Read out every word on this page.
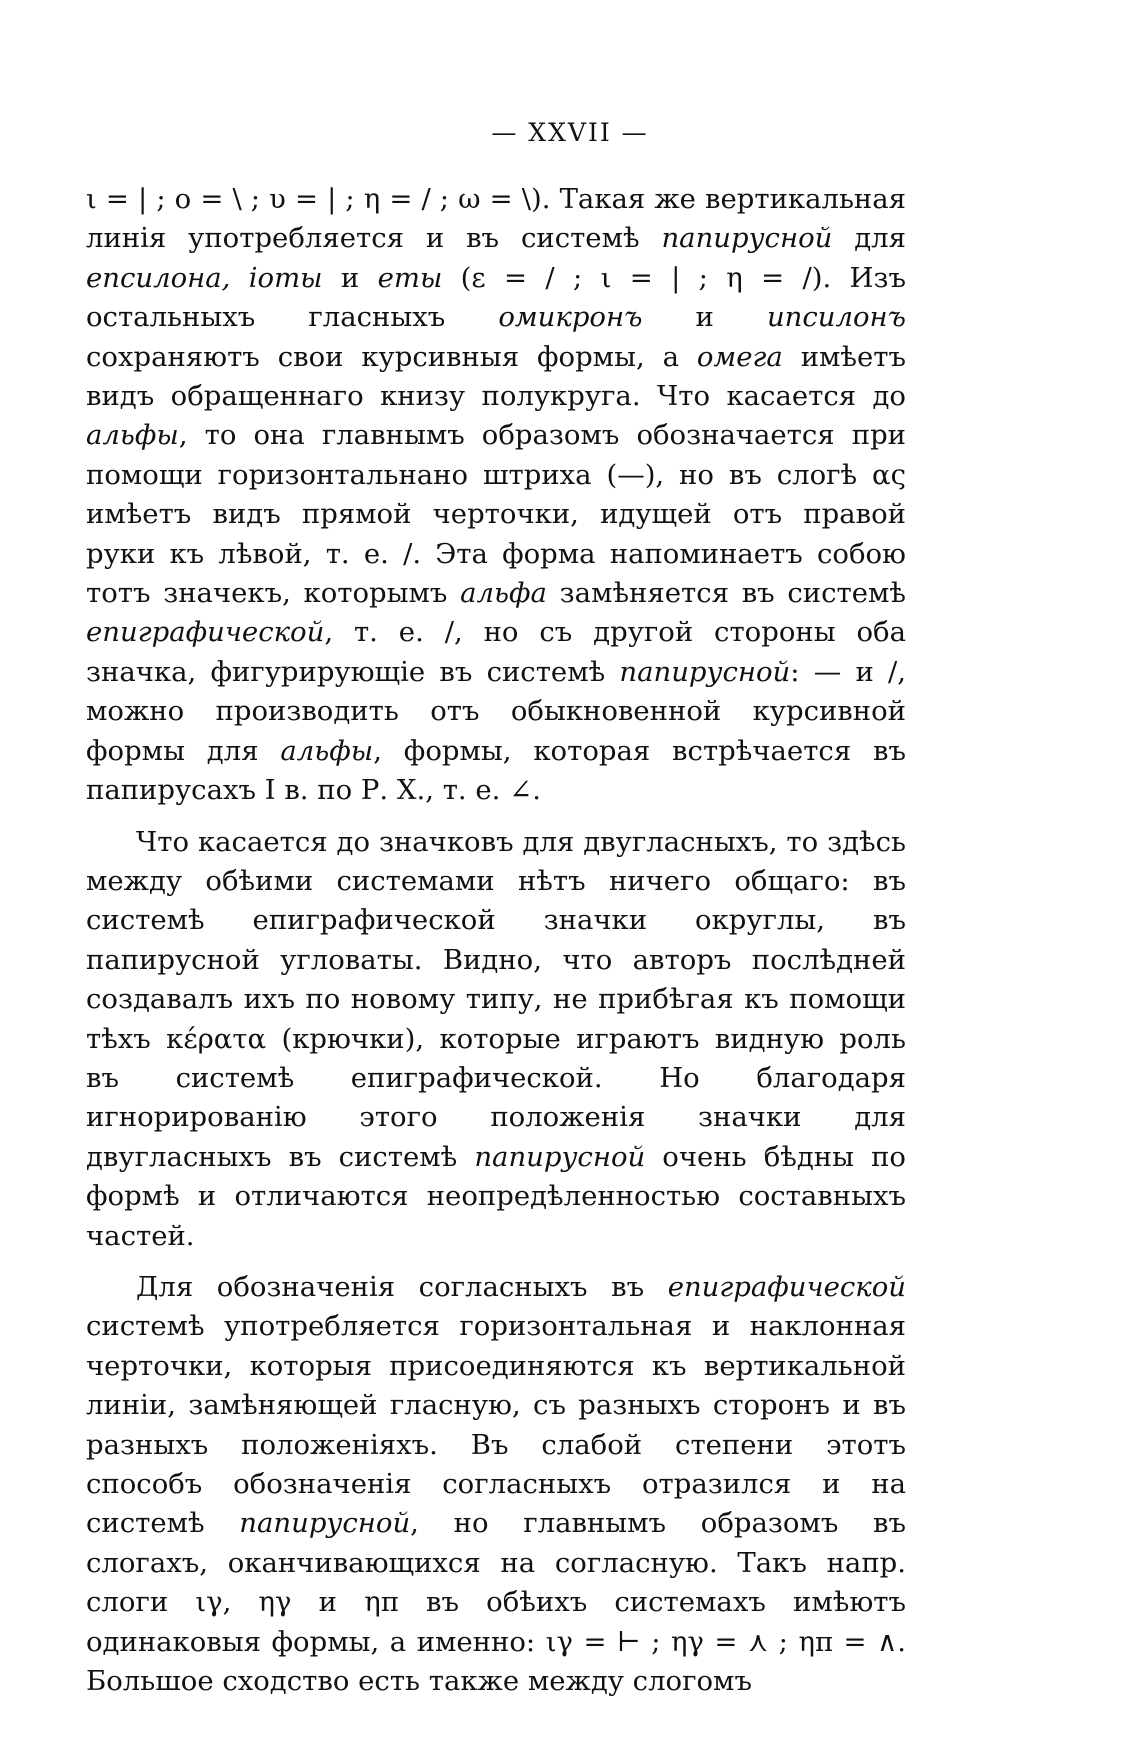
— XXVII —

ι = | ; ο = \ ; υ = | ; η = / ; ω = \). Такая же вертикальная линія употребляется и въ системѣ папирусной для епсилона, іоты и еты (ε = / ; ι = | ; η = /). Изъ остальныхъ гласныхъ омикронъ и ипсилонъ сохраняютъ свои курсивныя формы, а омега имѣетъ видъ обращеннаго книзу полукруга. Что касается до альфы, то она главнымъ образомъ обозначается при помощи горизонтальнано штриха (—), но въ слогѣ ας имѣетъ видъ прямой черточки, идущей отъ правой руки къ лѣвой, т. е. /. Эта форма напоминаетъ собою тотъ значекъ, которымъ альфа замѣняется въ системѣ епиграфической, т. е. /, но съ другой стороны оба значка, фигурирующіе въ системѣ папирусной: — и /, можно производить отъ обыкновенной курсивной формы для альфы, формы, которая встрѣчается въ папирусахъ I в. по Р. Х., т. е. ∠.

Что касается до значковъ для двугласныхъ, то здѣсь между обѣими системами нѣтъ ничего общаго: въ системѣ епиграфической значки округлы, въ папирусной угловаты. Видно, что авторъ послѣдней создавалъ ихъ по новому типу, не прибѣгая къ помощи тѣхъ κέρατα (крючки), которые играютъ видную роль въ системѣ епиграфической. Но благодаря игнорированію этого положенія значки для двугласныхъ въ системѣ папирусной очень бѣдны по формѣ и отличаются неопредѣленностью составныхъ частей.

Для обозначенія согласныхъ въ епиграфической системѣ употребляется горизонтальная и наклонная черточки, которыя присоединяются къ вертикальной линіи, замѣняющей гласную, съ разныхъ сторонъ и въ разныхъ положеніяхъ. Въ слабой степени этотъ способъ обозначенія согласныхъ отразился и на системѣ папирусной, но главнымъ образомъ въ слогахъ, оканчивающихся на согласную. Такъ напр. слоги ιγ, ηγ и ηπ въ обѣихъ системахъ имѣютъ одинаковыя формы, а именно: ιγ = ⊢ ; ηγ = ⋏ ; ηπ = ∧. Большое сходство есть также между слогомъ
